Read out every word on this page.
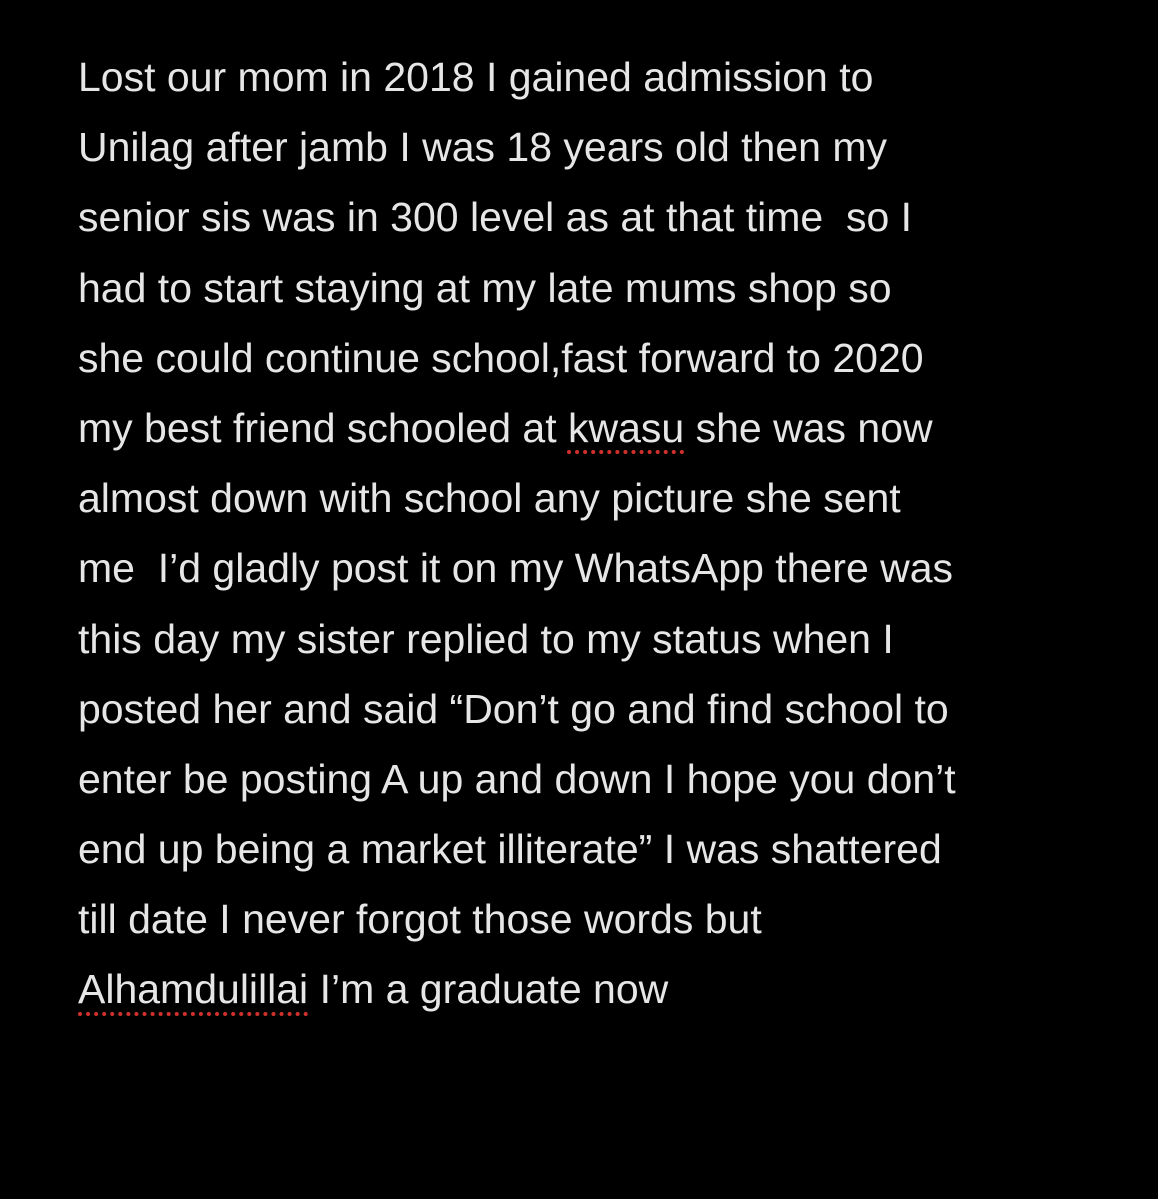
Lost our mom in 2018 I gained admission to
Unilag after jamb I was 18 years old then my
senior sis was in 300 level as at that time  so I
had to start staying at my late mums shop so
she could continue school,fast forward to 2020
my best friend schooled at kwasu she was now
almost down with school any picture she sent
me  I’d gladly post it on my WhatsApp there was
this day my sister replied to my status when I
posted her and said “Don’t go and find school to
enter be posting A up and down I hope you don’t
end up being a market illiterate” I was shattered
till date I never forgot those words but
Alhamdulillai I’m a graduate now
